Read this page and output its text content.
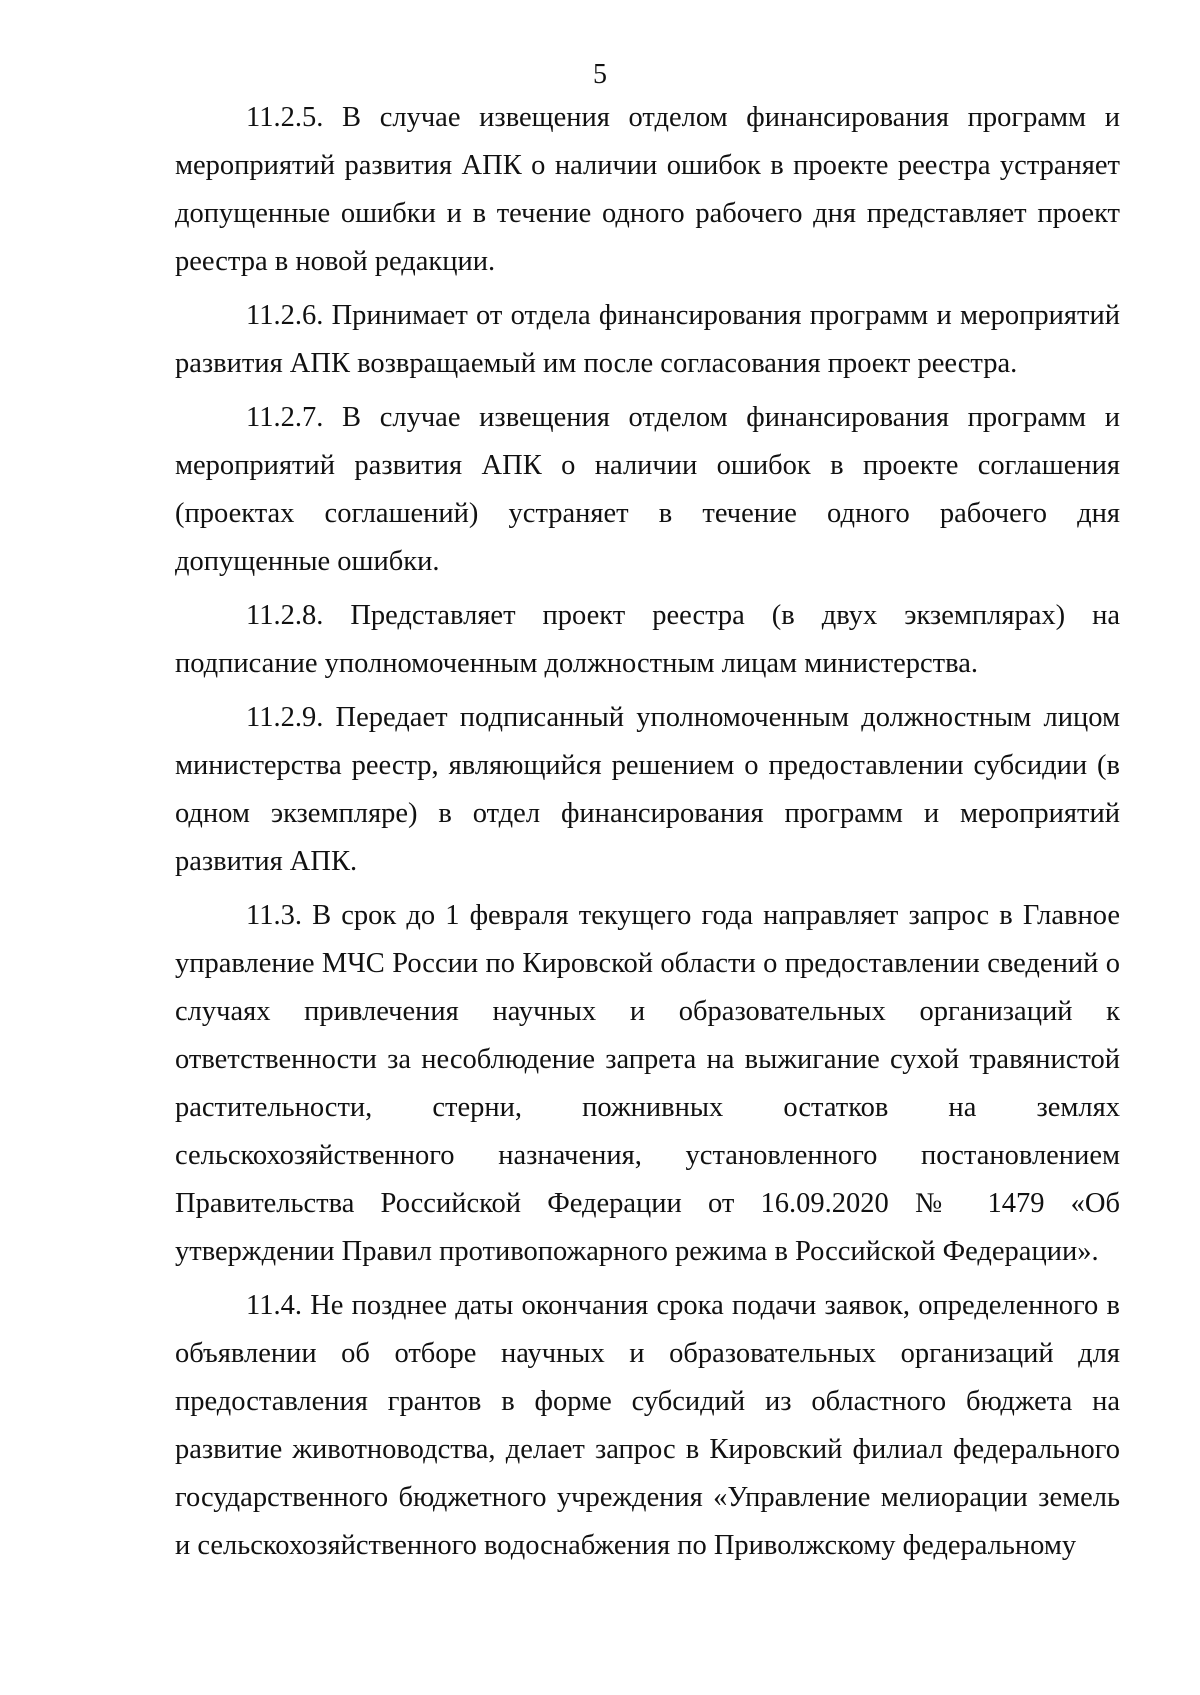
5

11.2.5. В случае извещения отделом финансирования программ и мероприятий развития АПК о наличии ошибок в проекте реестра устраняет допущенные ошибки и в течение одного рабочего дня представляет проект реестра в новой редакции.

11.2.6. Принимает от отдела финансирования программ и мероприятий развития АПК возвращаемый им после согласования проект реестра.

11.2.7. В случае извещения отделом финансирования программ и мероприятий развития АПК о наличии ошибок в проекте соглашения (проектах соглашений) устраняет в течение одного рабочего дня допущенные ошибки.

11.2.8. Представляет проект реестра (в двух экземплярах) на подписание уполномоченным должностным лицам министерства.

11.2.9. Передает подписанный уполномоченным должностным лицом министерства реестр, являющийся решением о предоставлении субсидии (в одном экземпляре) в отдел финансирования программ и мероприятий развития АПК.

11.3. В срок до 1 февраля текущего года направляет запрос в Главное управление МЧС России по Кировской области о предоставлении сведений о случаях привлечения научных и образовательных организаций к ответственности за несоблюдение запрета на выжигание сухой травянистой растительности, стерни, пожнивных остатков на землях сельскохозяйственного назначения, установленного постановлением Правительства Российской Федерации от 16.09.2020 № 1479 «Об утверждении Правил противопожарного режима в Российской Федерации».

11.4. Не позднее даты окончания срока подачи заявок, определенного в объявлении об отборе научных и образовательных организаций для предоставления грантов в форме субсидий из областного бюджета на развитие животноводства, делает запрос в Кировский филиал федерального государственного бюджетного учреждения «Управление мелиорации земель и сельскохозяйственного водоснабжения по Приволжскому федеральному
